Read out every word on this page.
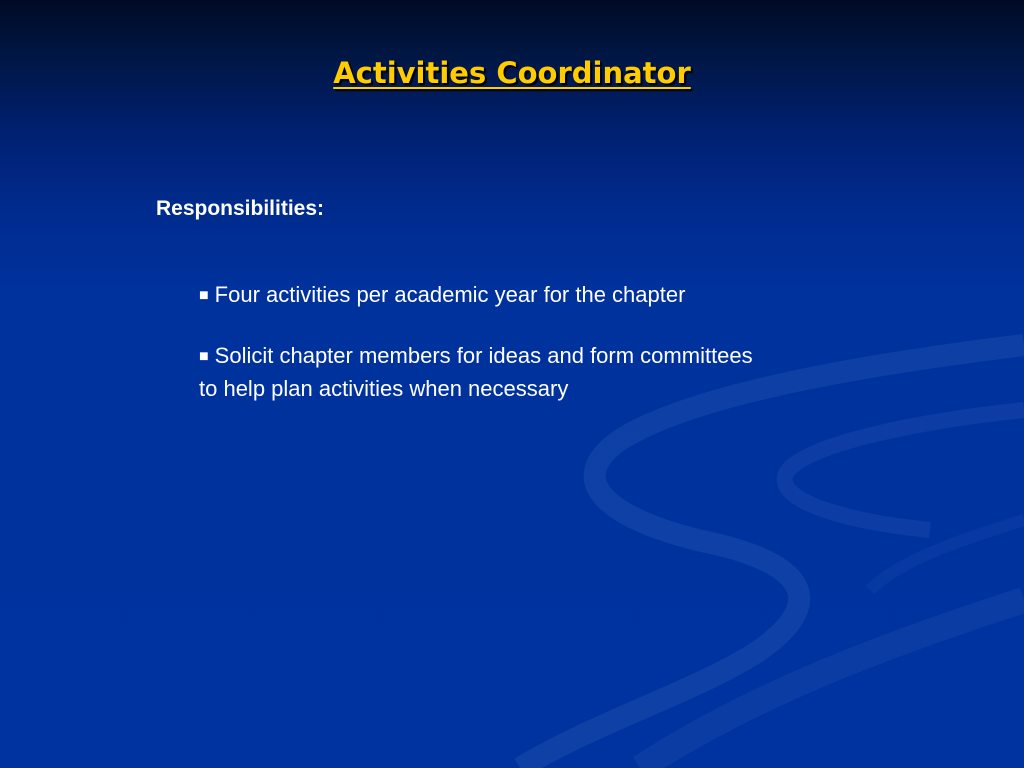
Activities Coordinator
Responsibilities:
■ Four activities per academic year for the chapter
■ Solicit chapter members for ideas and form committees to help plan activities when necessary
